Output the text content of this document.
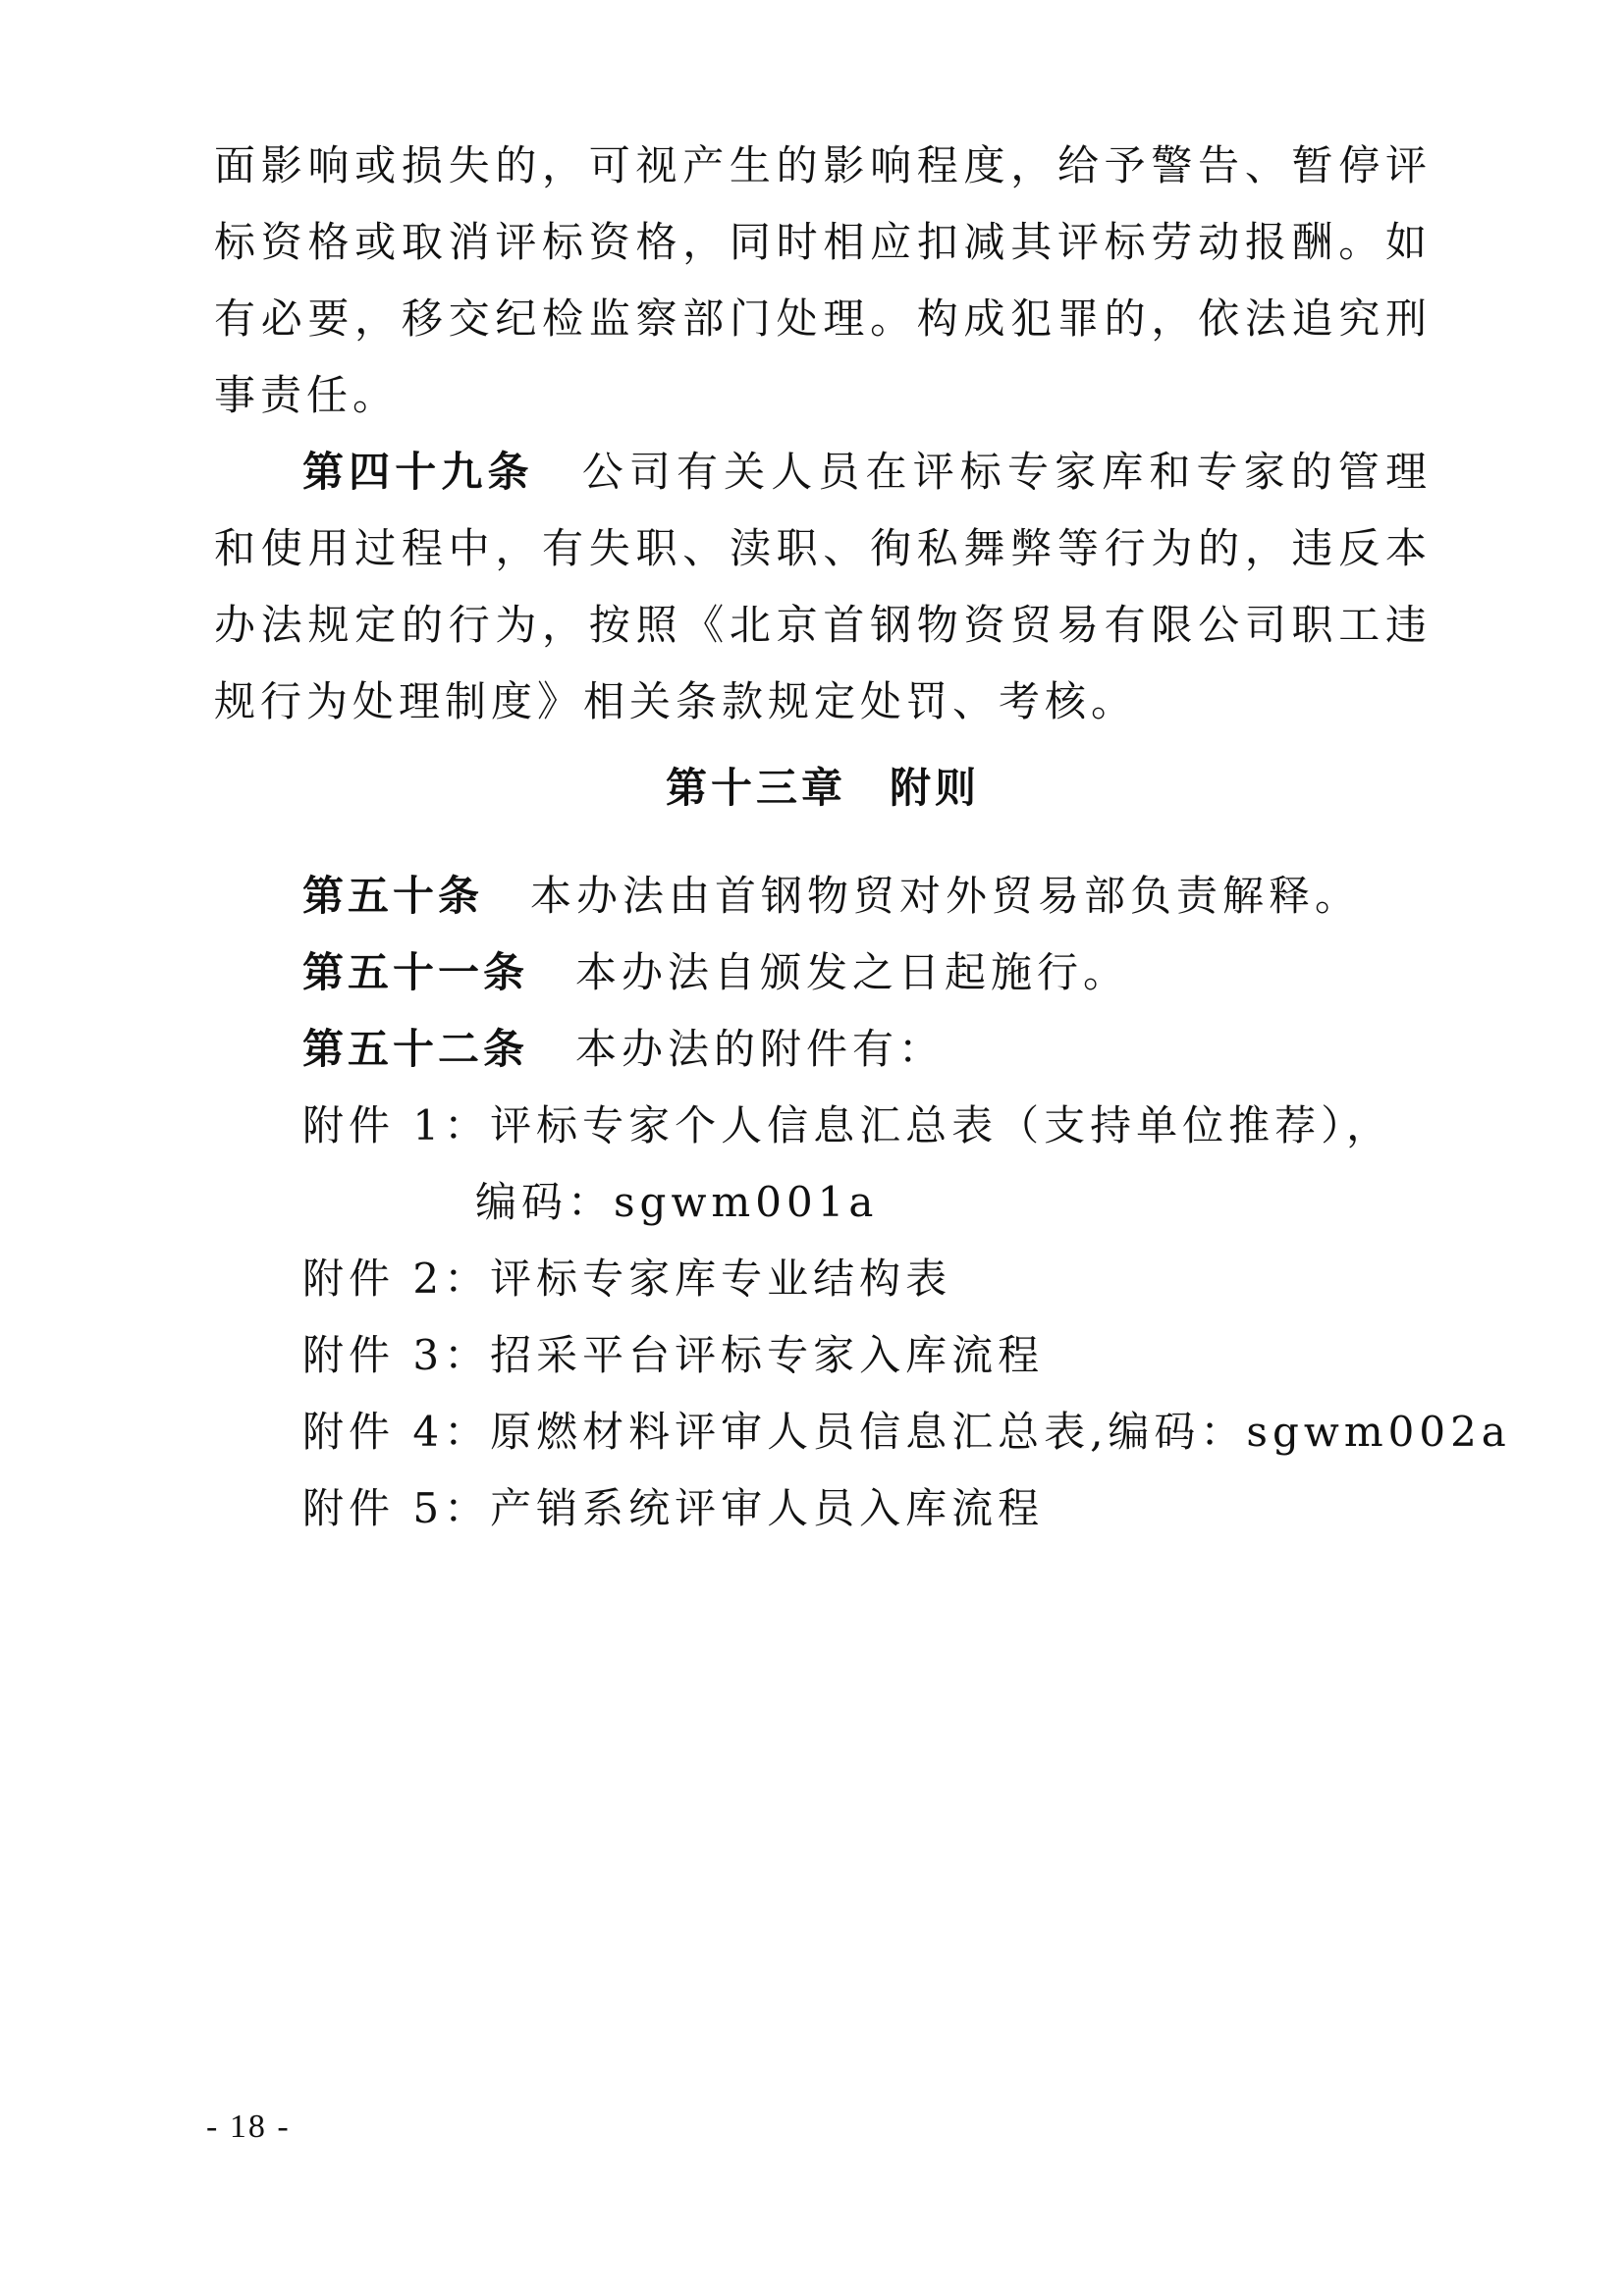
面影响或损失的，可视产生的影响程度，给予警告、暂停评标资格或取消评标资格，同时相应扣减其评标劳动报酬。如有必要，移交纪检监察部门处理。构成犯罪的，依法追究刑事责任。

第四十九条 公司有关人员在评标专家库和专家的管理和使用过程中，有失职、渎职、徇私舞弊等行为的，违反本办法规定的行为，按照《北京首钢物资贸易有限公司职工违规行为处理制度》相关条款规定处罚、考核。

第十三章 附则

第五十条 本办法由首钢物贸对外贸易部负责解释。

第五十一条 本办法自颁发之日起施行。

第五十二条 本办法的附件有：

附件 1：评标专家个人信息汇总表（支持单位推荐），

编码：sgwm001a

附件 2：评标专家库专业结构表

附件 3：招采平台评标专家入库流程

附件 4：原燃材料评审人员信息汇总表,编码：sgwm002a

附件 5：产销系统评审人员入库流程

- 18 -
